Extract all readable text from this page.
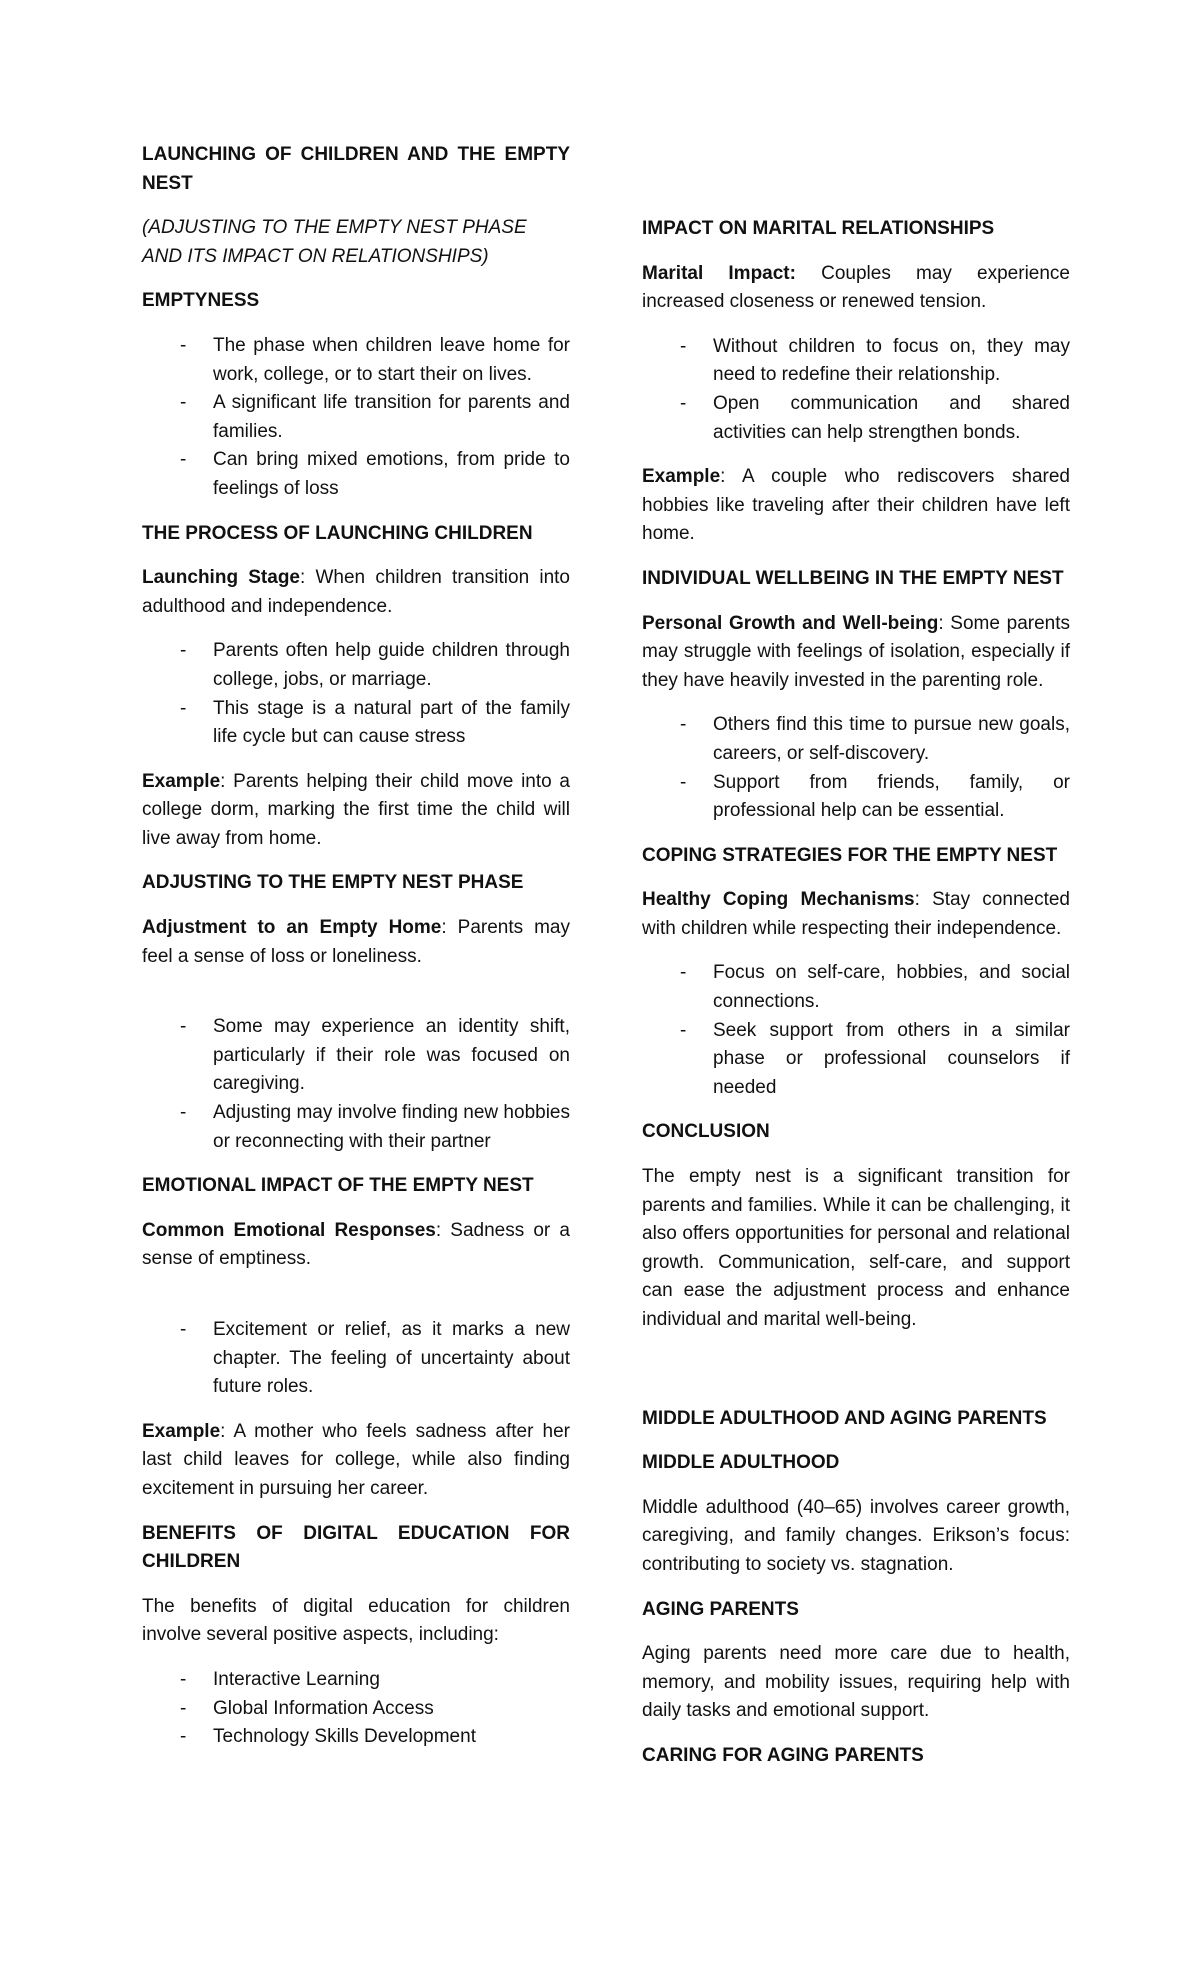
LAUNCHING OF CHILDREN AND THE EMPTY NEST

(ADJUSTING TO THE EMPTY NEST PHASE AND ITS IMPACT ON RELATIONSHIPS)

EMPTYNESS

- The phase when children leave home for work, college, or to start their on lives.
- A significant life transition for parents and families.
- Can bring mixed emotions, from pride to feelings of loss

THE PROCESS OF LAUNCHING CHILDREN

Launching Stage: When children transition into adulthood and independence.

- Parents often help guide children through college, jobs, or marriage.
- This stage is a natural part of the family life cycle but can cause stress

Example: Parents helping their child move into a college dorm, marking the first time the child will live away from home.

ADJUSTING TO THE EMPTY NEST PHASE

Adjustment to an Empty Home: Parents may feel a sense of loss or loneliness.

- Some may experience an identity shift, particularly if their role was focused on caregiving.
- Adjusting may involve finding new hobbies or reconnecting with their partner

EMOTIONAL IMPACT OF THE EMPTY NEST

Common Emotional Responses: Sadness or a sense of emptiness.

- Excitement or relief, as it marks a new chapter. The feeling of uncertainty about future roles.

Example: A mother who feels sadness after her last child leaves for college, while also finding excitement in pursuing her career.

BENEFITS OF DIGITAL EDUCATION FOR CHILDREN

The benefits of digital education for children involve several positive aspects, including:

- Interactive Learning
- Global Information Access
- Technology Skills Development

IMPACT ON MARITAL RELATIONSHIPS

Marital Impact: Couples may experience increased closeness or renewed tension.

- Without children to focus on, they may need to redefine their relationship.
- Open communication and shared activities can help strengthen bonds.

Example: A couple who rediscovers shared hobbies like traveling after their children have left home.

INDIVIDUAL WELLBEING IN THE EMPTY NEST

Personal Growth and Well-being: Some parents may struggle with feelings of isolation, especially if they have heavily invested in the parenting role.

- Others find this time to pursue new goals, careers, or self-discovery.
- Support from friends, family, or professional help can be essential.

COPING STRATEGIES FOR THE EMPTY NEST

Healthy Coping Mechanisms: Stay connected with children while respecting their independence.

- Focus on self-care, hobbies, and social connections.
- Seek support from others in a similar phase or professional counselors if needed

CONCLUSION

The empty nest is a significant transition for parents and families. While it can be challenging, it also offers opportunities for personal and relational growth. Communication, self-care, and support can ease the adjustment process and enhance individual and marital well-being.

MIDDLE ADULTHOOD AND AGING PARENTS

MIDDLE ADULTHOOD

Middle adulthood (40–65) involves career growth, caregiving, and family changes. Erikson’s focus: contributing to society vs. stagnation.

AGING PARENTS

Aging parents need more care due to health, memory, and mobility issues, requiring help with daily tasks and emotional support.

CARING FOR AGING PARENTS
